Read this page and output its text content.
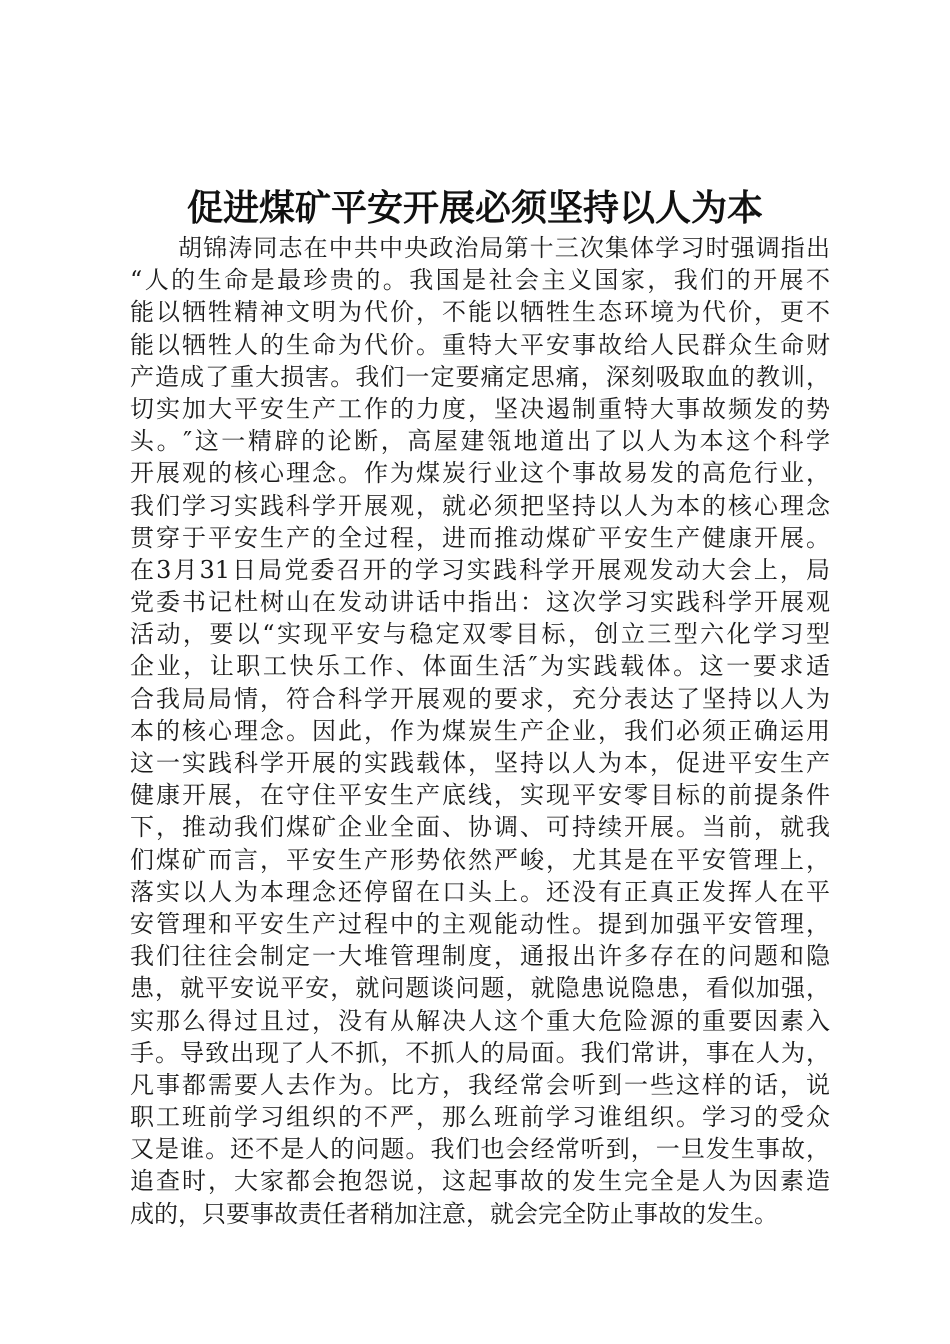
促进煤矿平安开展必须坚持以人为本
胡锦涛同志在中共中央政治局第十三次集体学习时强调指出
“人的生命是最珍贵的。我国是社会主义国家，我们的开展不
能以牺牲精神文明为代价，不能以牺牲生态环境为代价，更不
能以牺牲人的生命为代价。重特大平安事故给人民群众生命财
产造成了重大损害。我们一定要痛定思痛，深刻吸取血的教训，
切实加大平安生产工作的力度，坚决遏制重特大事故频发的势
头。″这一精辟的论断，高屋建瓴地道出了以人为本这个科学
开展观的核心理念。作为煤炭行业这个事故易发的高危行业，
我们学习实践科学开展观，就必须把坚持以人为本的核心理念
贯穿于平安生产的全过程，进而推动煤矿平安生产健康开展。
在3月31日局党委召开的学习实践科学开展观发动大会上，局
党委书记杜树山在发动讲话中指出：这次学习实践科学开展观
活动，要以“实现平安与稳定双零目标，创立三型六化学习型
企业，让职工快乐工作、体面生活″为实践载体。这一要求适
合我局局情，符合科学开展观的要求，充分表达了坚持以人为
本的核心理念。因此，作为煤炭生产企业，我们必须正确运用
这一实践科学开展的实践载体，坚持以人为本，促进平安生产
健康开展，在守住平安生产底线，实现平安零目标的前提条件
下，推动我们煤矿企业全面、协调、可持续开展。当前，就我
们煤矿而言，平安生产形势依然严峻，尤其是在平安管理上，
落实以人为本理念还停留在口头上。还没有正真正发挥人在平
安管理和平安生产过程中的主观能动性。提到加强平安管理，
我们往往会制定一大堆管理制度，通报出许多存在的问题和隐
患，就平安说平安，就问题谈问题，就隐患说隐患，看似加强，
实那么得过且过，没有从解决人这个重大危险源的重要因素入
手。导致出现了人不抓，不抓人的局面。我们常讲，事在人为，
凡事都需要人去作为。比方，我经常会听到一些这样的话，说
职工班前学习组织的不严，那么班前学习谁组织。学习的受众
又是谁。还不是人的问题。我们也会经常听到，一旦发生事故，
追查时，大家都会抱怨说，这起事故的发生完全是人为因素造
成的，只要事故责任者稍加注意，就会完全防止事故的发生。
